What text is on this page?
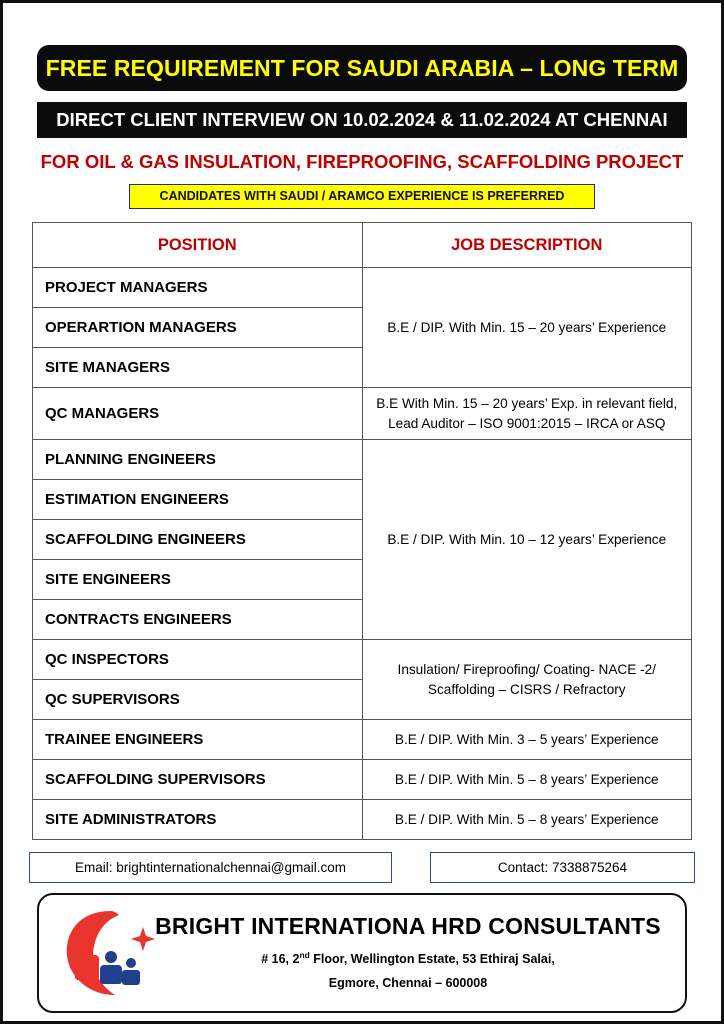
FREE REQUIREMENT FOR SAUDI ARABIA – LONG TERM
DIRECT CLIENT INTERVIEW ON 10.02.2024 & 11.02.2024 AT CHENNAI
FOR OIL & GAS INSULATION, FIREPROOFING, SCAFFOLDING PROJECT
CANDIDATES WITH SAUDI / ARAMCO EXPERIENCE IS PREFERRED
POSITION	JOB DESCRIPTION
PROJECT MANAGERS	B.E / DIP. With Min. 15 – 20 years’ Experience
OPERARTION MANAGERS	
SITE MANAGERS	
QC MANAGERS	B.E With Min. 15 – 20 years’ Exp. in relevant field,
Lead Auditor – ISO 9001:2015 – IRCA or ASQ

PLANNING ENGINEERS	B.E / DIP. With Min. 10 – 12 years’ Experience
ESTIMATION ENGINEERS	
SCAFFOLDING ENGINEERS	
SITE ENGINEERS	
CONTRACTS ENGINEERS	
QC INSPECTORS	Insulation/ Fireproofing/ Coating- NACE -2/
Scaffolding – CISRS / Refractory

QC SUPERVISORS	
TRAINEE ENGINEERS	B.E / DIP. With Min. 3 – 5 years’ Experience
SCAFFOLDING SUPERVISORS	B.E / DIP. With Min. 5 – 8 years’ Experience
SITE ADMINISTRATORS	B.E / DIP. With Min. 5 – 8 years’ Experience
Email: brightinternationalchennai@gmail.com	Contact: 7338875264
BRIGHT INTERNATIONA HRD CONSULTANTS
# 16, 2nd Floor, Wellington Estate, 53 Ethiraj Salai,
Egmore, Chennai – 600008
